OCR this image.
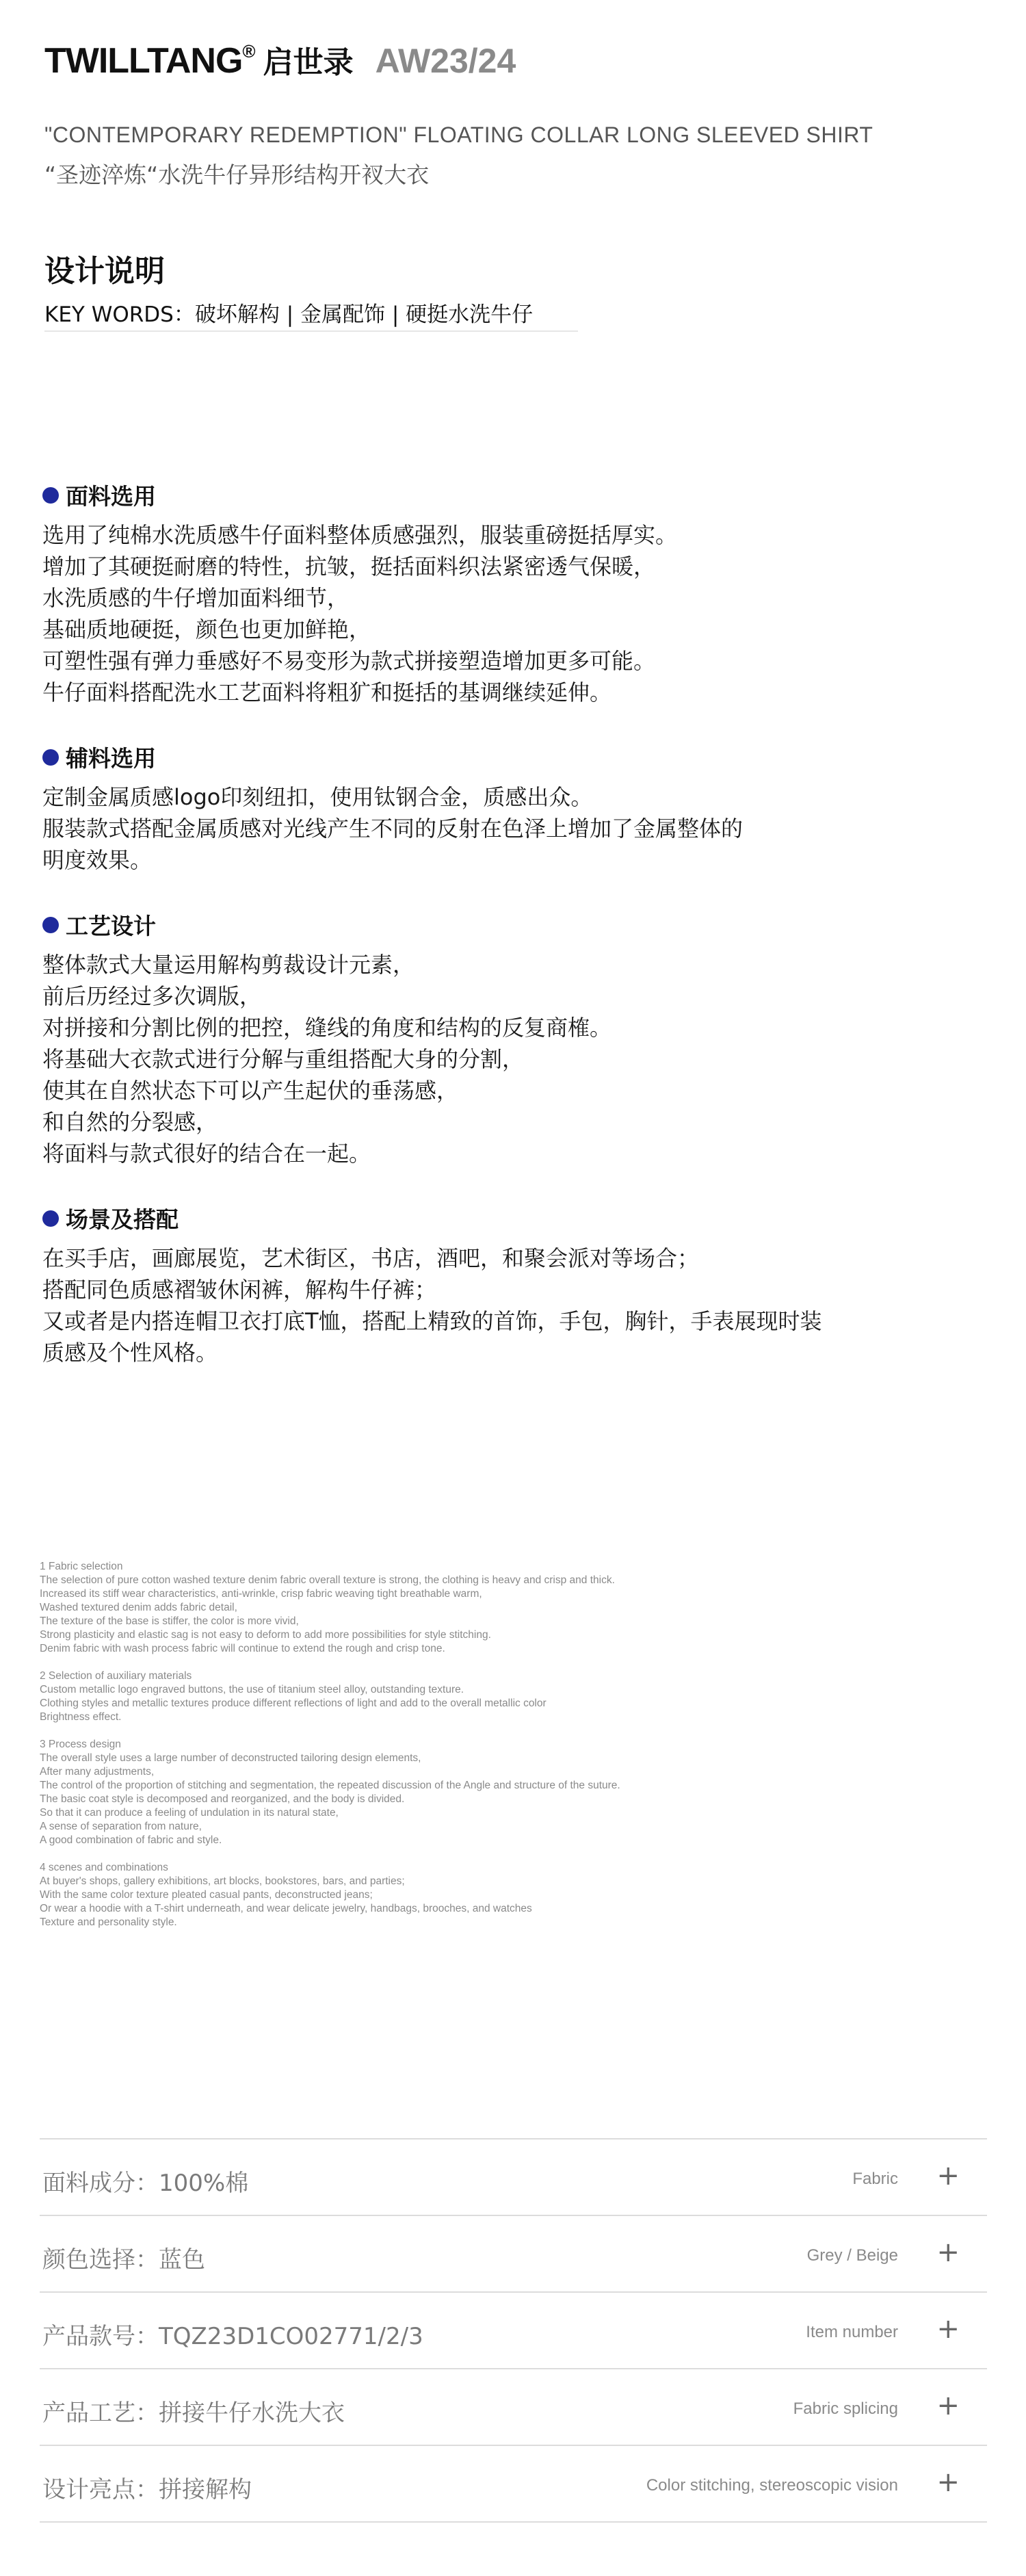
TWILLTANG® 启世录 AW23/24
"CONTEMPORARY REDEMPTION" FLOATING COLLAR LONG SLEEVED SHIRT
“圣迹淬炼“水洗牛仔异形结构开衩大衣
设计说明
KEY WORDS：破坏解构 | 金属配饰 | 硬挺水洗牛仔
面料选用
选用了纯棉水洗质感牛仔面料整体质感强烈，服装重磅挺括厚实。
增加了其硬挺耐磨的特性，抗皱，挺括面料织法紧密透气保暖，
水洗质感的牛仔增加面料细节，
基础质地硬挺，颜色也更加鲜艳，
可塑性强有弹力垂感好不易变形为款式拼接塑造增加更多可能。
牛仔面料搭配洗水工艺面料将粗犷和挺括的基调继续延伸。
辅料选用
定制金属质感logo印刻纽扣，使用钛钢合金，质感出众。
服装款式搭配金属质感对光线产生不同的反射在色泽上增加了金属整体的
明度效果。
工艺设计
整体款式大量运用解构剪裁设计元素，
前后历经过多次调版，
对拼接和分割比例的把控，缝线的角度和结构的反复商榷。
将基础大衣款式进行分解与重组搭配大身的分割，
使其在自然状态下可以产生起伏的垂荡感，
和自然的分裂感，
将面料与款式很好的结合在一起。
场景及搭配
在买手店，画廊展览，艺术街区，书店，酒吧，和聚会派对等场合；
搭配同色质感褶皱休闲裤，解构牛仔裤；
又或者是内搭连帽卫衣打底T恤，搭配上精致的首饰，手包，胸针，手表展现时装
质感及个性风格。
1 Fabric selection
The selection of pure cotton washed texture denim fabric overall texture is strong, the clothing is heavy and crisp and thick.
Increased its stiff wear characteristics, anti-wrinkle, crisp fabric weaving tight breathable warm,
Washed textured denim adds fabric detail,
The texture of the base is stiffer, the color is more vivid,
Strong plasticity and elastic sag is not easy to deform to add more possibilities for style stitching.
Denim fabric with wash process fabric will continue to extend the rough and crisp tone.
2 Selection of auxiliary materials
Custom metallic logo engraved buttons, the use of titanium steel alloy, outstanding texture.
Clothing styles and metallic textures produce different reflections of light and add to the overall metallic color
Brightness effect.
3 Process design
The overall style uses a large number of deconstructed tailoring design elements,
After many adjustments,
The control of the proportion of stitching and segmentation, the repeated discussion of the Angle and structure of the suture.
The basic coat style is decomposed and reorganized, and the body is divided.
So that it can produce a feeling of undulation in its natural state,
A sense of separation from nature,
A good combination of fabric and style.
4 scenes and combinations
At buyer's shops, gallery exhibitions, art blocks, bookstores, bars, and parties;
With the same color texture pleated casual pants, deconstructed jeans;
Or wear a hoodie with a T-shirt underneath, and wear delicate jewelry, handbags, brooches, and watches
Texture and personality style.
面料成分：100%棉	Fabric +
颜色选择：蓝色	Grey / Beige +
产品款号：TQZ23D1CO02771/2/3	Item number +
产品工艺：拼接牛仔水洗大衣	Fabric splicing +
设计亮点：拼接解构	Color stitching, stereoscopic vision +
